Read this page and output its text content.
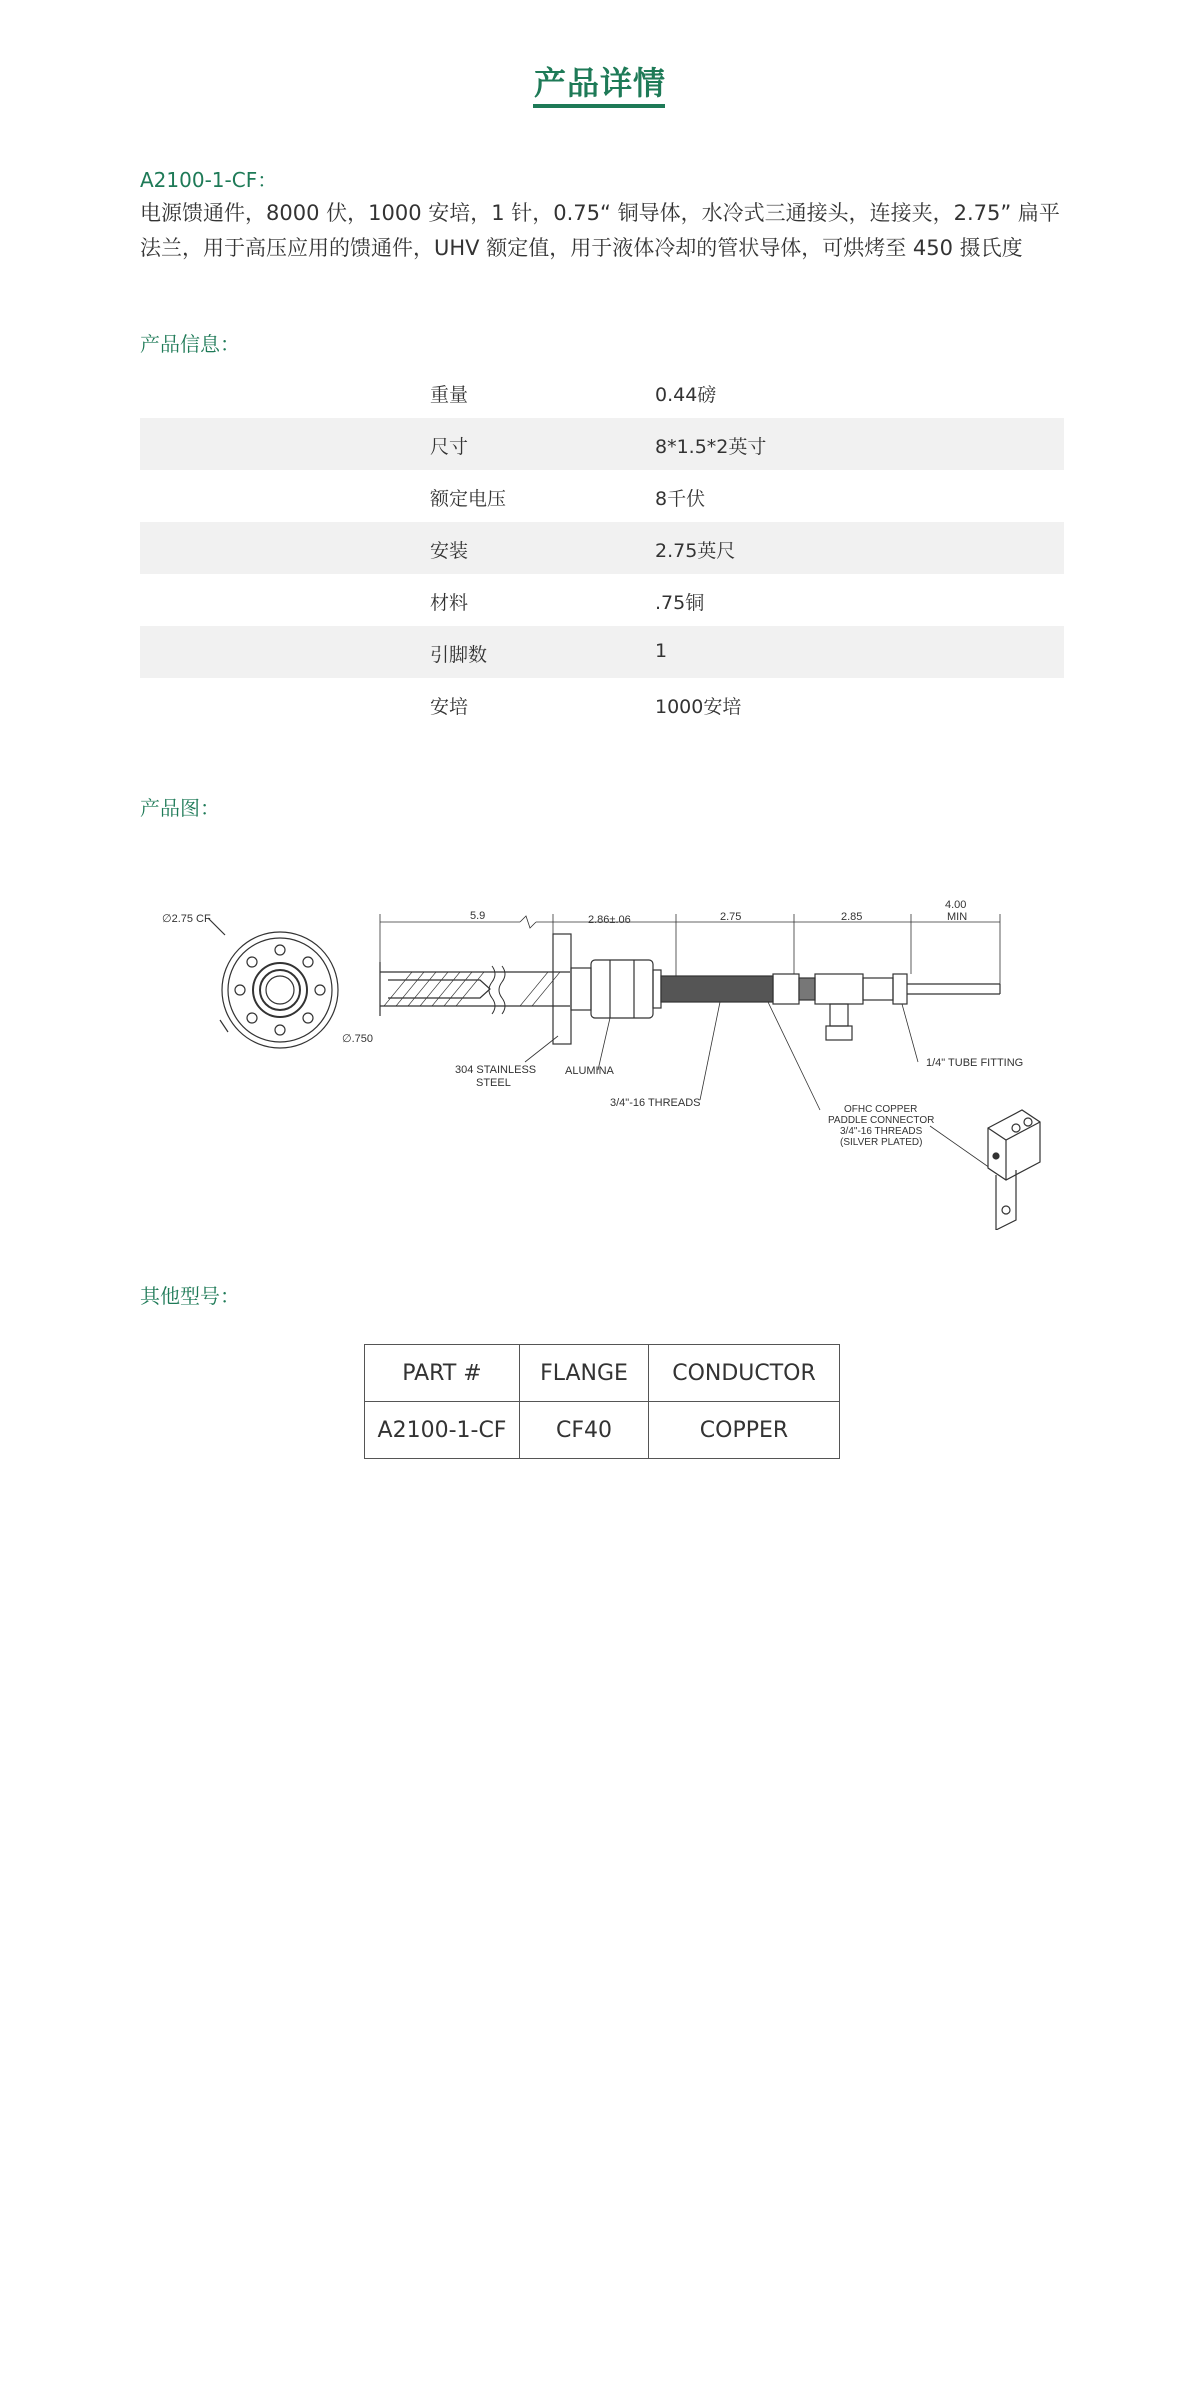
产品详情
A2100-1-CF：
电源馈通件，8000 伏，1000 安培，1 针，0.75“ 铜导体，水冷式三通接头，连接夹，2.75” 扁平法兰，用于高压应用的馈通件，UHV 额定值，用于液体冷却的管状导体，可烘烤至 450 摄氏度
产品信息：
重量	0.44磅
尺寸	8*1.5*2英寸
额定电压	8千伏
安装	2.75英尺
材料	.75铜
引脚数	1
安培	1000安培
产品图：
∅2.75 CF
∅.750
5.9	2.86±.06	2.75	2.85
4.00
MIN
304 STAINLESS
STEEL
ALUMINA
3/4"-16 THREADS
1/4" TUBE FITTING
OFHC COPPER
PADDLE CONNECTOR
3/4"-16 THREADS
(SILVER PLATED)
其他型号：
PART #	FLANGE	CONDUCTOR
A2100-1-CF	CF40	COPPER
